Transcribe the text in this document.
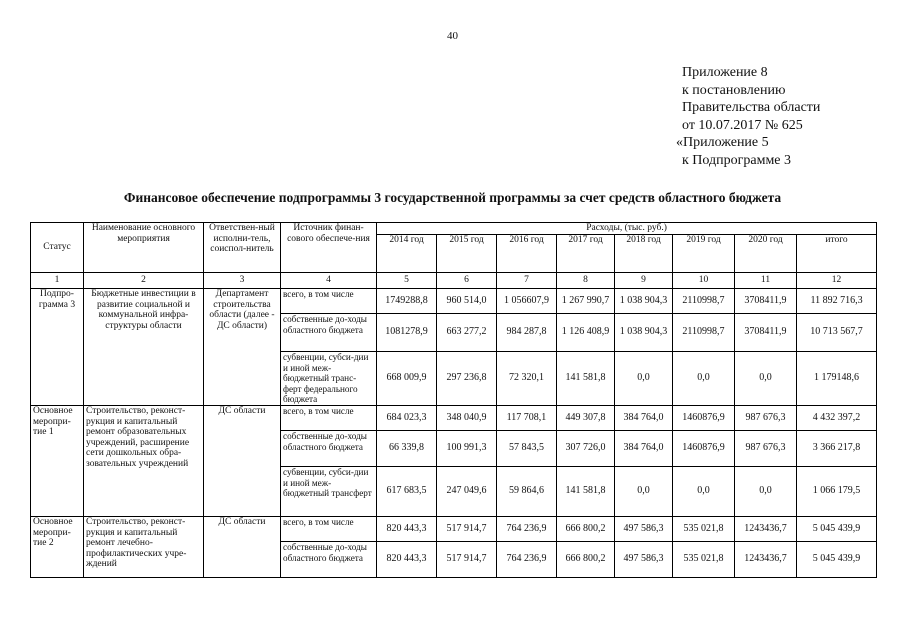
40
Приложение 8
к постановлению
Правительства области
от 10.07.2017 № 625
«Приложение 5
к Подпрограмме 3
Финансовое обеспечение подпрограммы 3 государственной программы за счет средств областного бюджета
Статус	Наименование основного мероприятия	Ответствен-ный исполни-тель, соиспол-нитель	Источник финан-сового обеспече-ния	Расходы, (тыс. руб.)							
				2014 год	2015 год	2016 год	2017 год	2018 год	2019 год	2020 год	итого
1	2	3	4	5	6	7	8	9	10	11	12
Подпро-грамма 3	Бюджетные инвестиции в развитие социальной и коммунальной инфра-структуры области	Департамент строительства области (далее - ДС области)	всего, в том числе	1749288,8	960 514,0	1 056607,9	1 267 990,7	1 038 904,3	2110998,7	3708411,9	11 892 716,3
			собственные до-ходы областного бюджета	1081278,9	663 277,2	984 287,8	1 126 408,9	1 038 904,3	2110998,7	3708411,9	10 713 567,7
			субвенции, субси-дии и иной меж-бюджетный транс-ферт федерального бюджета	668 009,9	297 236,8	72 320,1	141 581,8	0,0	0,0	0,0	1 179148,6
Основное меропри-тие 1	Строительство, реконст-рукция и капитальный ремонт образовательных учреждений, расширение сети дошкольных обра-зовательных учреждений	ДС области	всего, в том числе	684 023,3	348 040,9	117 708,1	449 307,8	384 764,0	1460876,9	987 676,3	4 432 397,2
			собственные до-ходы областного бюджета	66 339,8	100 991,3	57 843,5	307 726,0	384 764,0	1460876,9	987 676,3	3 366 217,8
			субвенции, субси-дии и иной меж-бюджетный трансферт	617 683,5	247 049,6	59 864,6	141 581,8	0,0	0,0	0,0	1 066 179,5
Основное меропри-тие 2	Строительство, реконст-рукция и капитальный ремонт лечебно-профилактических учре-ждений	ДС области	всего, в том числе	820 443,3	517 914,7	764 236,9	666 800,2	497 586,3	535 021,8	1243436,7	5 045 439,9
			собственные до-ходы областного бюджета	820 443,3	517 914,7	764 236,9	666 800,2	497 586,3	535 021,8	1243436,7	5 045 439,9
